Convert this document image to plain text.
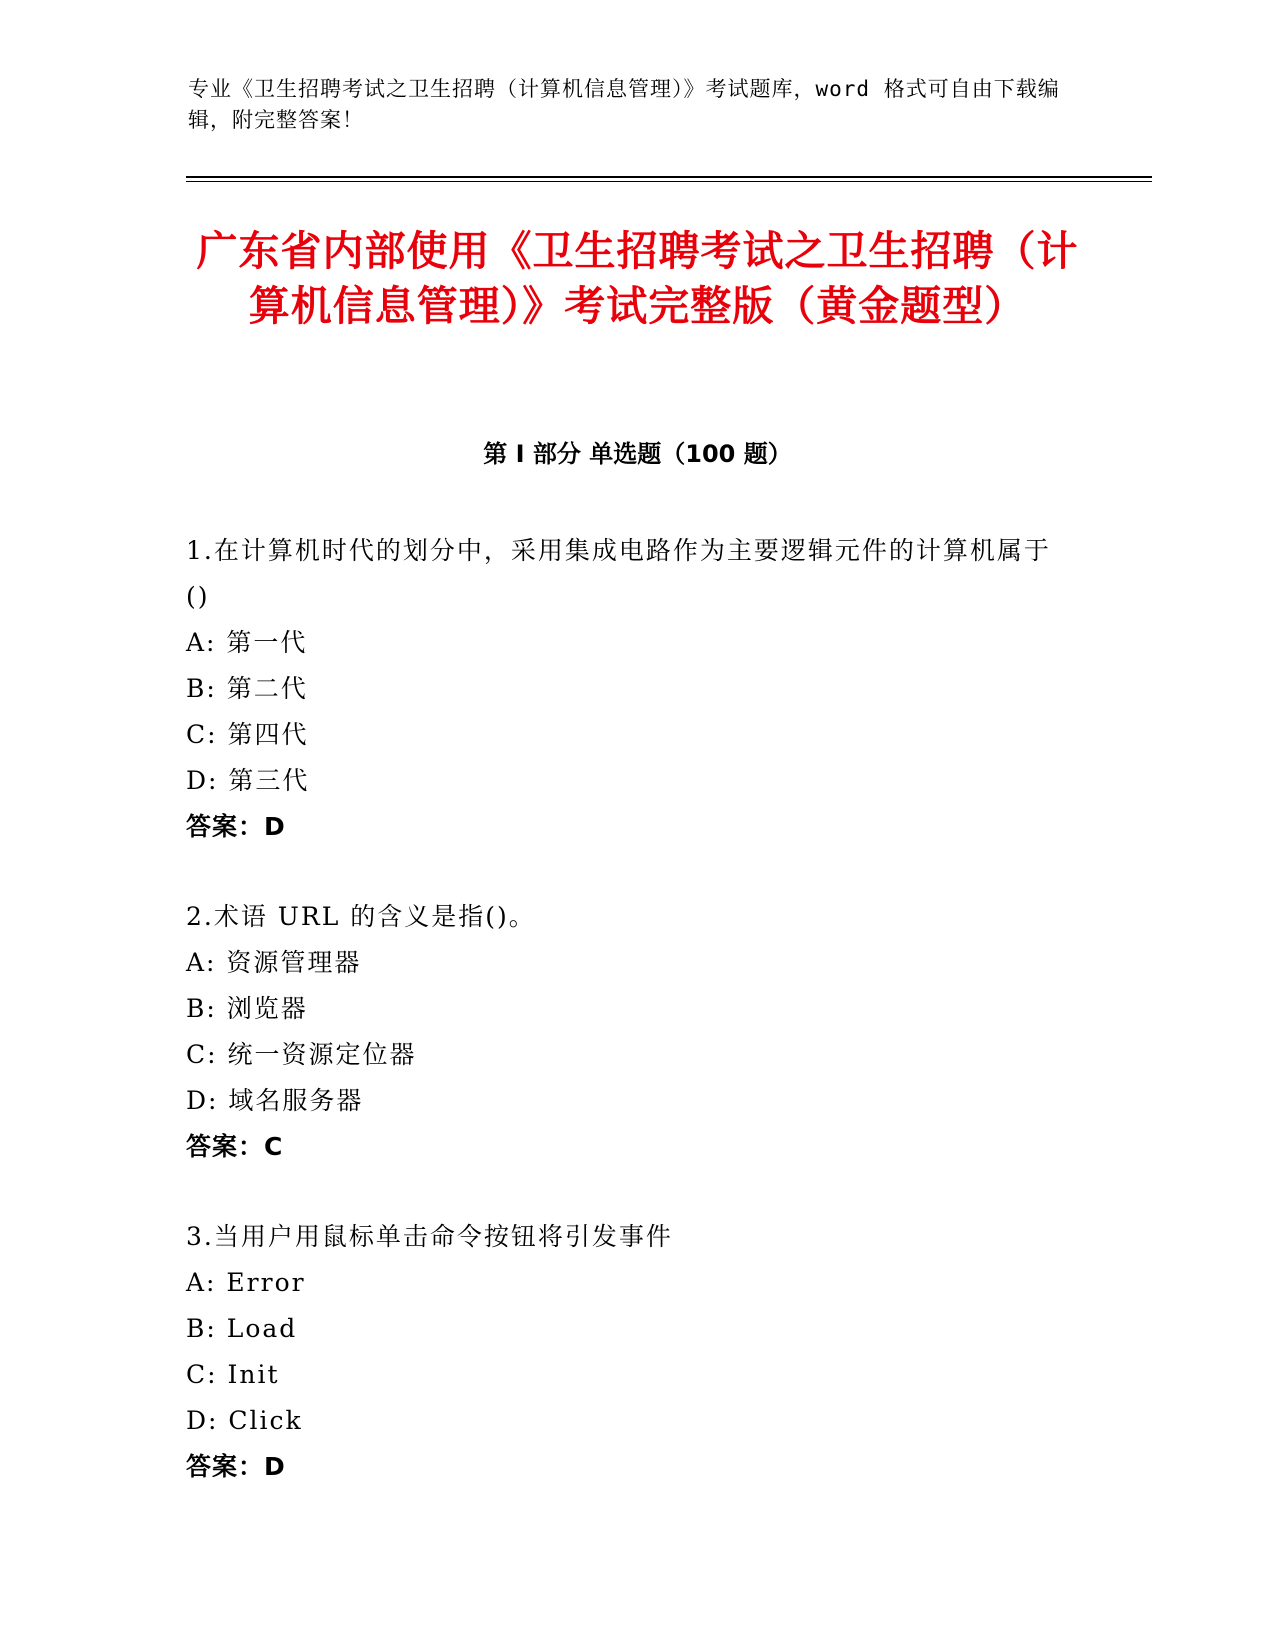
专业《卫生招聘考试之卫生招聘（计算机信息管理）》考试题库，word 格式可自由下载编辑，附完整答案！
广东省内部使用《卫生招聘考试之卫生招聘（计算机信息管理）》考试完整版（黄金题型）
第 I 部分 单选题（100 题）

1.在计算机时代的划分中，采用集成电路作为主要逻辑元件的计算机属于()

A: 第一代

B: 第二代

C: 第四代

D: 第三代

答案：D

2.术语 URL 的含义是指()。

A: 资源管理器

B: 浏览器

C: 统一资源定位器

D: 域名服务器

答案：C

3.当用户用鼠标单击命令按钮将引发事件

A: Error

B: Load

C: Init

D: Click

答案：D
